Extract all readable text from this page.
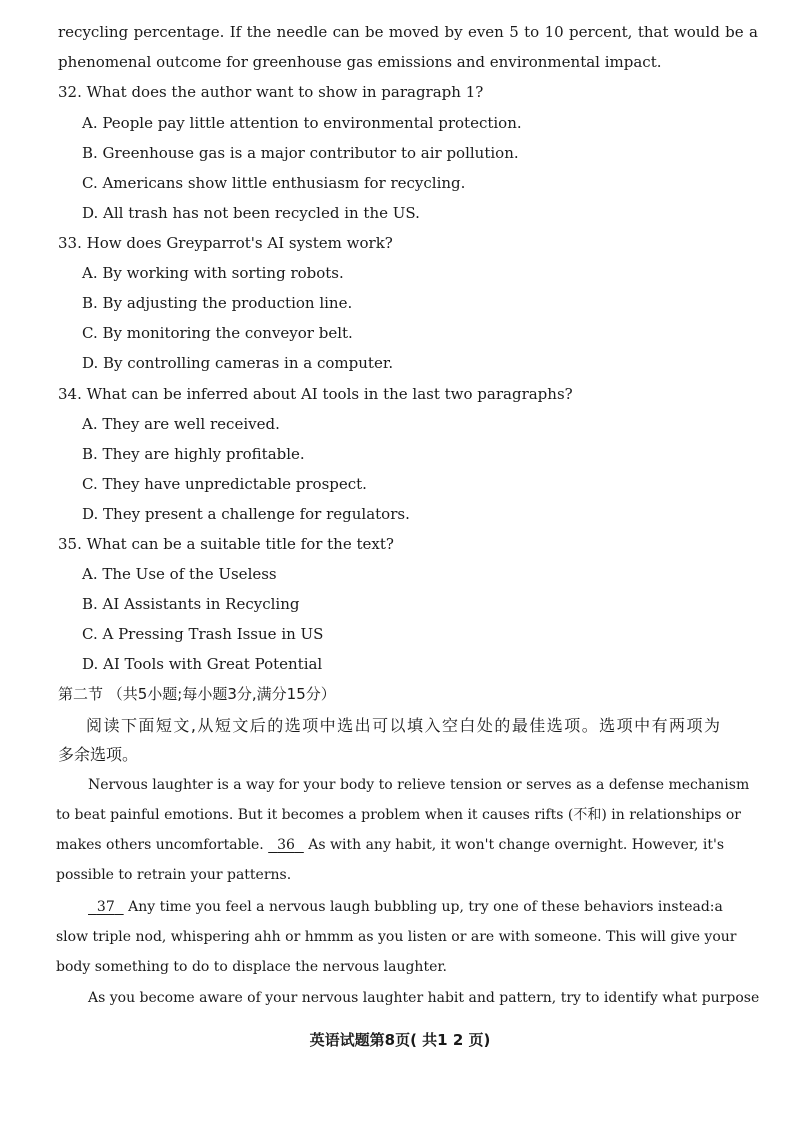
recycling percentage. If the needle can be moved by even 5 to 10 percent, that would be a
phenomenal outcome for greenhouse gas emissions and environmental impact.
32. What does the author want to show in paragraph 1?
A. People pay little attention to environmental protection.
B. Greenhouse gas is a major contributor to air pollution.
C. Americans show little enthusiasm for recycling.
D. All trash has not been recycled in the US.
33. How does Greyparrot's AI system work?
A. By working with sorting robots.
B. By adjusting the production line.
C. By monitoring the conveyor belt.
D. By controlling cameras in a computer.
34. What can be inferred about AI tools in the last two paragraphs?
A. They are well received.
B. They are highly profitable.
C. They have unpredictable prospect.
D. They present a challenge for regulators.
35. What can be a suitable title for the text?
A. The Use of the Useless
B. AI Assistants in Recycling
C. A Pressing Trash Issue in US
D. AI Tools with Great Potential
第二节 （共5小题;每小题3分,满分15分）
阅读下面短文,从短文后的选项中选出可以填入空白处的最佳选项。选项中有两项为
多余选项。
Nervous laughter is a way for your body to relieve tension or serves as a defense mechanism
to beat painful emotions. But it becomes a problem when it causes rifts (不和) in relationships or
makes others uncomfortable. 36 As with any habit, it won't change overnight. However, it's
possible to retrain your patterns.
37 Any time you feel a nervous laugh bubbling up, try one of these behaviors instead:a
slow triple nod, whispering ahh or hmmm as you listen or are with someone. This will give your
body something to do to displace the nervous laughter.
As you become aware of your nervous laughter habit and pattern, try to identify what purpose
英语试题第8页( 共1 2 页)
